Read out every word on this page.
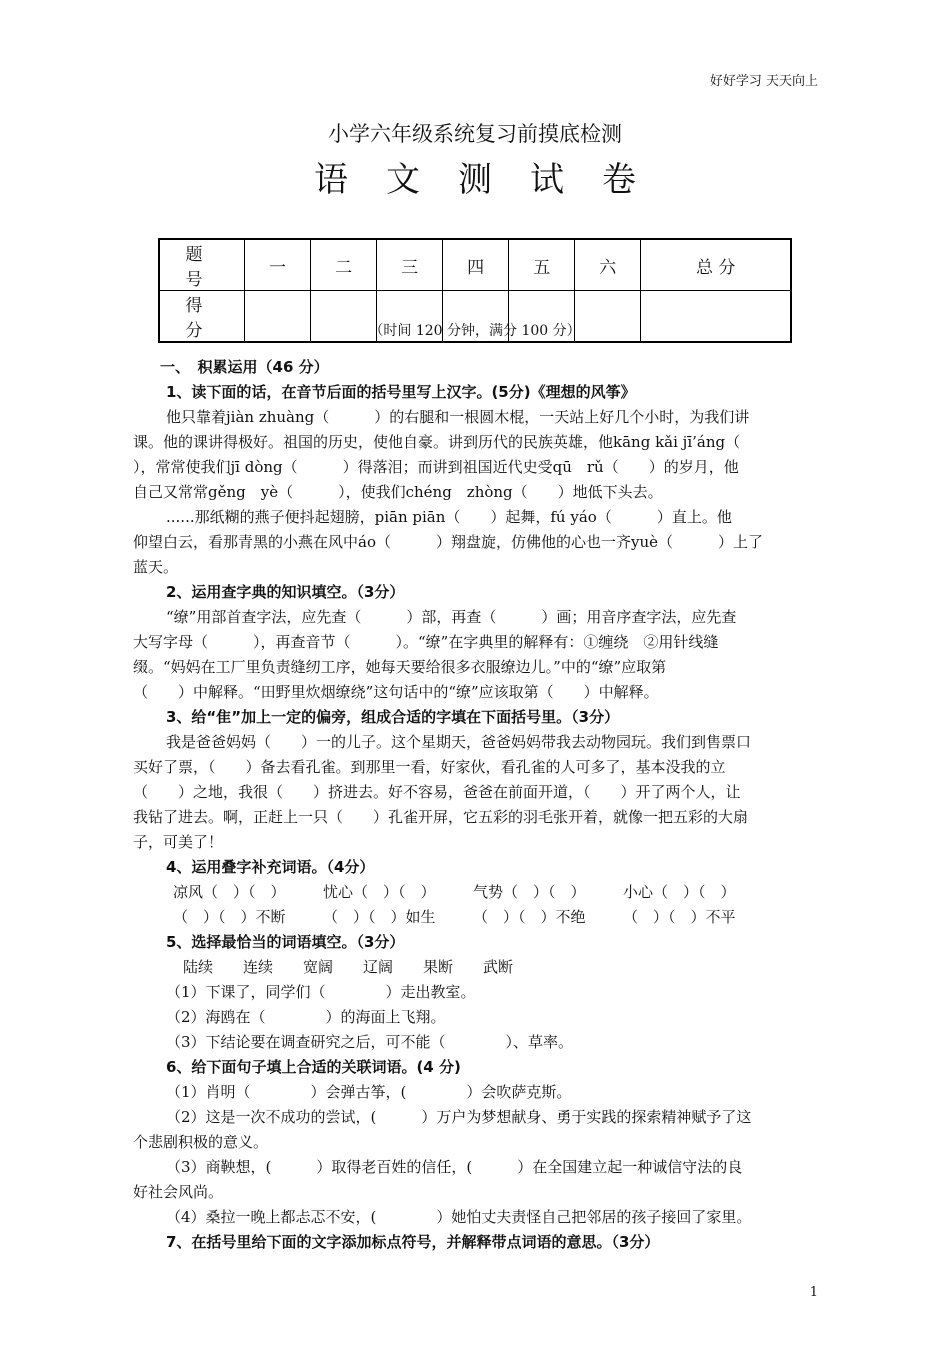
好好学习 天天向上
小学六年级系统复习前摸底检测
语文测试卷
题　号	一	二	三	四	五	六	总 分
得　分								（时间 120 分钟，满分 100 分）
一、　积累运用（46 分）
1、读下面的话，在音节后面的括号里写上汉字。(5分)《理想的风筝》
他只靠着jiàn zhuàng（　　　）的右腿和一根圆木棍，一天站上好几个小时，为我们讲
课。他的课讲得极好。祖国的历史，使他自豪。讲到历代的民族英雄，他kāng kǎi jī’áng（
），常常使我们jī dòng（　　　）得落泪；而讲到祖国近代史受qū　rǔ（　　）的岁月，他
自己又常常gěng　yè（　　　），使我们chéng　zhòng（　　）地低下头去。
......那纸糊的燕子便抖起翅膀，piān piān（　　）起舞，fú yáo（　　　）直上。他
仰望白云，看那青黑的小燕在风中áo（　　　）翔盘旋，仿佛他的心也一齐yuè（　　　）上了
蓝天。
2、运用查字典的知识填空。（3分）
“缭”用部首查字法，应先查（　　　）部，再查（　　　）画；用音序查字法，应先查
大写字母（　　　），再查音节（　　　）。“缭”在字典里的解释有：①缠绕　②用针线缝
缀。“妈妈在工厂里负责缝纫工序，她每天要给很多衣服缭边儿。”中的“缭”应取第
（　　）中解释。“田野里炊烟缭绕”这句话中的“缭”应该取第（　　）中解释。
3、给“隹”加上一定的偏旁，组成合适的字填在下面括号里。（3分）
我是爸爸妈妈（　　）一的儿子。这个星期天，爸爸妈妈带我去动物园玩。我们到售票口
买好了票，（　　）备去看孔雀。到那里一看，好家伙，看孔雀的人可多了，基本没我的立
（　　）之地，我很（　　）挤进去。好不容易，爸爸在前面开道，（　　）开了两个人，让
我钻了进去。啊，正赶上一只（　　）孔雀开屏，它五彩的羽毛张开着，就像一把五彩的大扇
子，可美了！
4、运用叠字补充词语。（4分）
凉风（　）（　）　　　忧心（　）（　）　　　气势（　）（　）　　　小心（　）（　）
（　）（　）不断　　　（　）（　）如生　　　（　）（　）不绝　　　（　）（　）不平
5、选择最恰当的词语填空。（3分）
陆续　　连续　　宽阔　　辽阔　　果断　　武断
（1）下课了，同学们（　　　　）走出教室。
（2）海鸥在（　　　　）的海面上飞翔。
（3）下结论要在调查研究之后，可不能（　　　　）、草率。
6、给下面句子填上合适的关联词语。(4 分)
（1）肖明（　　　　）会弹古筝，(　　　　）会吹萨克斯。
（2）这是一次不成功的尝试，(　　　）万户为梦想献身、勇于实践的探索精神赋予了这
个悲剧积极的意义。
（3）商鞅想，(　　　）取得老百姓的信任，(　　　）在全国建立起一种诚信守法的良
好社会风尚。
（4）桑拉一晚上都忐忑不安，(　　　　）她怕丈夫责怪自己把邻居的孩子接回了家里。
7、在括号里给下面的文字添加标点符号，并解释带点词语的意思。（3分）
1
